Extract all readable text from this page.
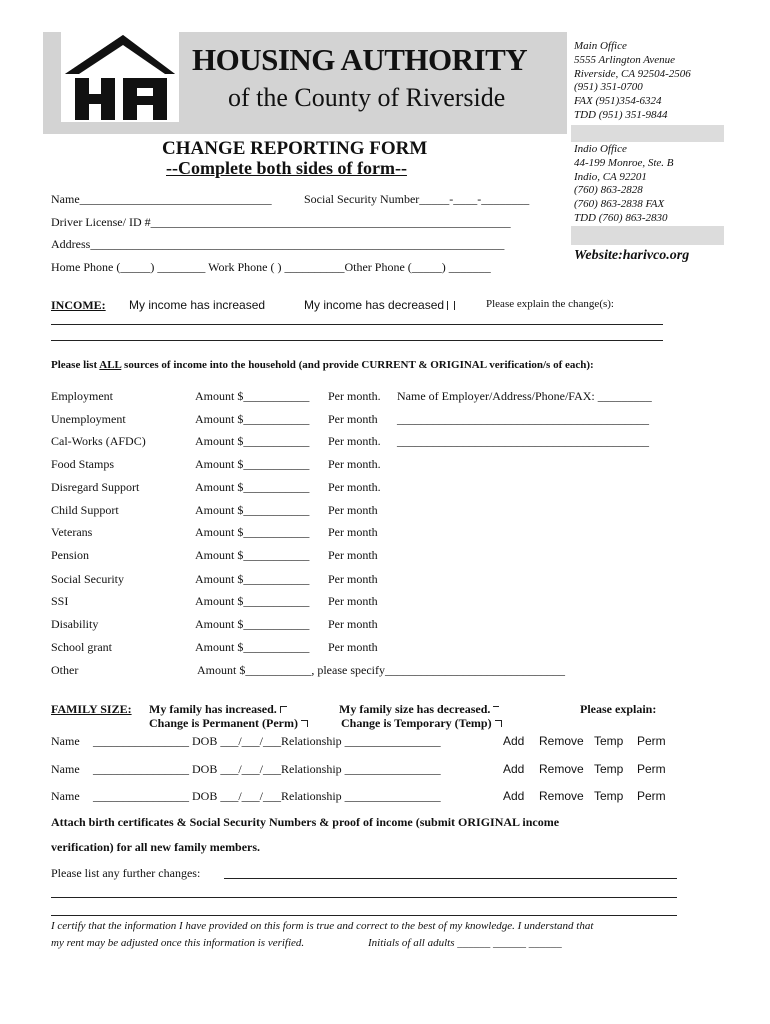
HOUSING AUTHORITY
of the County of Riverside
Main Office
5555 Arlington Avenue
Riverside, CA 92504-2506
(951) 351-0700
FAX (951)354-6324
TDD (951) 351-9844
Indio Office
44-199 Monroe, Ste. B
Indio, CA 92201
(760) 863-2828
(760) 863-2838 FAX
TDD (760) 863-2830
Website:harivco.org
CHANGE REPORTING FORM
--Complete both sides of form--
Name________________________________	Social Security Number_____-____-________
Driver License/ ID #____________________________________________________________
Address_____________________________________________________________________
Home Phone (_____) ________ Work Phone ( ) __________Other Phone (_____) _______
INCOME: My income has increased	My income has decreased	Please explain the change(s):
Please list ALL sources of income into the household (and provide CURRENT & ORIGINAL verification/s of each):
Employment	Amount $___________ Per month. Name of Employer/Address/Phone/FAX: _________
Unemployment	Amount $___________ Per month __________________________________________
Cal-Works (AFDC)	Amount $___________ Per month. __________________________________________
Food Stamps	Amount $___________ Per month.
Disregard Support	Amount $___________ Per month.
Child Support	Amount $___________ Per month
Veterans	Amount $___________ Per month
Pension	Amount $___________ Per month
Social Security	Amount $___________ Per month
SSI	Amount $___________ Per month
Disability	Amount $___________ Per month
School grant	Amount $___________ Per month
Other	Amount $___________, please specify______________________________
FAMILY SIZE: My family has increased.	My family size has decreased.	Please explain:
Change is Permanent (Perm)	Change is Temporary (Temp)
Name ________________ DOB ___/___/___Relationship ________________	Add Remove Temp Perm
Name ________________ DOB ___/___/___Relationship ________________	Add Remove Temp Perm
Name ________________ DOB ___/___/___Relationship ________________	Add Remove Temp Perm
Attach birth certificates & Social Security Numbers & proof of income (submit ORIGINAL income
verification) for all new family members.
Please list any further changes:
I certify that the information I have provided on this form is true and correct to the best of my knowledge. I understand that
my rent may be adjusted once this information is verified.	Initials of all adults ______ ______ ______
